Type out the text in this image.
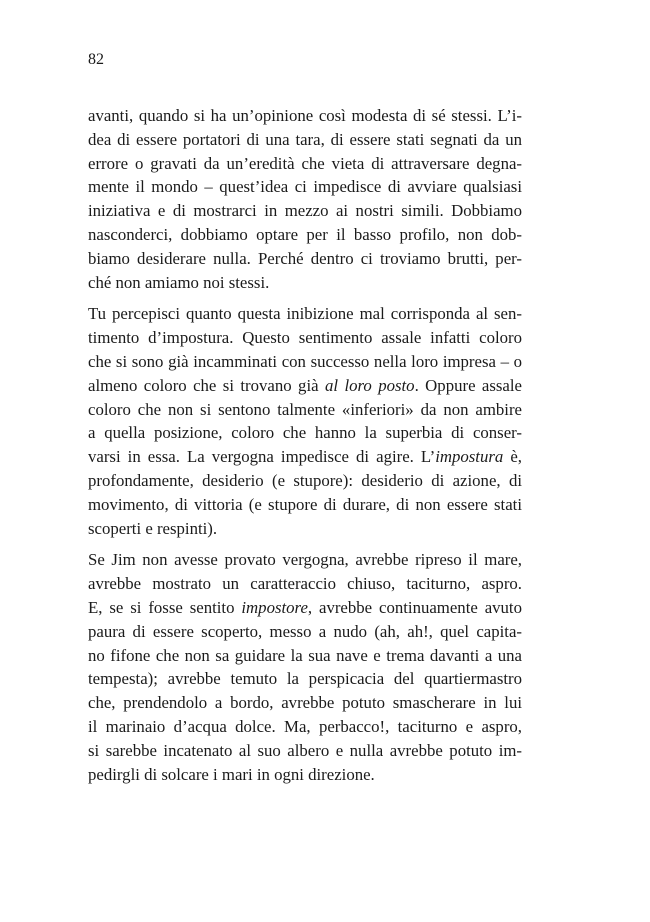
82
avanti, quando si ha un’opinione così modesta di sé stessi. L’i-
dea di essere portatori di una tara, di essere stati segnati da un
errore o gravati da un’eredità che vieta di attraversare degna-
mente il mondo – quest’idea ci impedisce di avviare qualsiasi
iniziativa e di mostrarci in mezzo ai nostri simili. Dobbiamo
nasconderci, dobbiamo optare per il basso profilo, non dob-
biamo desiderare nulla. Perché dentro ci troviamo brutti, per-
ché non amiamo noi stessi.
Tu percepisci quanto questa inibizione mal corrisponda al sen-
timento d’impostura. Questo sentimento assale infatti coloro
che si sono già incamminati con successo nella loro impresa – o
almeno coloro che si trovano già al loro posto. Oppure assale
coloro che non si sentono talmente «inferiori» da non ambire
a quella posizione, coloro che hanno la superbia di conser-
varsi in essa. La vergogna impedisce di agire. L’impostura è,
profondamente, desiderio (e stupore): desiderio di azione, di
movimento, di vittoria (e stupore di durare, di non essere stati
scoperti e respinti).
Se Jim non avesse provato vergogna, avrebbe ripreso il mare,
avrebbe mostrato un caratteraccio chiuso, taciturno, aspro.
E, se si fosse sentito impostore, avrebbe continuamente avuto
paura di essere scoperto, messo a nudo (ah, ah!, quel capita-
no fifone che non sa guidare la sua nave e trema davanti a una
tempesta); avrebbe temuto la perspicacia del quartiermastro
che, prendendolo a bordo, avrebbe potuto smascherare in lui
il marinaio d’acqua dolce. Ma, perbacco!, taciturno e aspro,
si sarebbe incatenato al suo albero e nulla avrebbe potuto im-
pedirgli di solcare i mari in ogni direzione.
